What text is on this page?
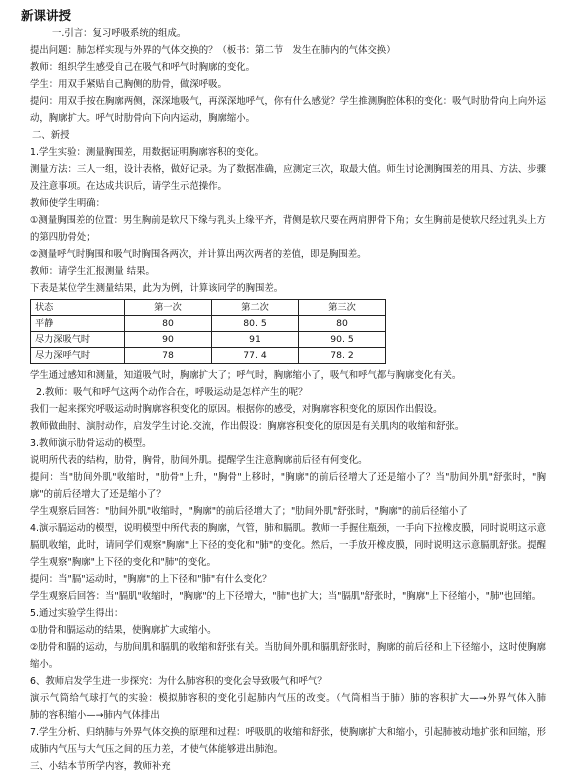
新课讲授

一.引言：复习呼吸系统的组成。

提出问题：肺怎样实现与外界的气体交换的？（板书：第二节　发生在肺内的气体交换）

教师：组织学生感受自己在吸气和呼气时胸廓的变化。

学生：用双手紧贴自己胸侧的肋骨，做深呼吸。

提问：用双手按在胸廓两侧，深深地吸气，再深深地呼气，你有什么感觉？学生推测胸腔体积的变化：吸气时肋骨向上向外运动，胸廓扩大。呼气时肋骨向下向内运动，胸廓缩小。

二、新授

1.学生实验：测量胸围差，用数据证明胸廓容积的变化。

测量方法：三人一组，设计表格，做好记录。为了数据准确，应测定三次，取最大值。师生讨论测胸围差的用具、方法、步骤及注意事项。在达成共识后，请学生示范操作。

教师使学生明确：

①测量胸围差的位置：男生胸前是软尺下缘与乳头上缘平齐，背侧是软尺要在两肩胛骨下角；女生胸前是使软尺经过乳头上方的第四肋骨处；

②测量呼气时胸围和吸气时胸围各两次，并计算出两次两者的差值，即是胸围差。

教师：请学生汇报测量 结果。

下表是某位学生测量结果，此为为例，计算该同学的胸围差。

状态	第一次	第二次	第三次
平静	80	80. 5	80
尽力深吸气时	90	91	90. 5
尽力深呼气时	78	77. 4	78. 2

学生通过感知和测量，知道吸气时，胸廓扩大了；呼气时，胸廓缩小了，吸气和呼气都与胸廓变化有关。

2.教师：吸气和呼气这两个动作合在，呼吸运动是怎样产生的呢？

我们一起来探究呼吸运动时胸廓容积变化的原因。根据你的感受，对胸廓容积变化的原因作出假设。

教师做曲肘、演肘动作，启发学生讨论.交流，作出假设：胸廓容积变化的原因是有关肌肉的收缩和舒张。

3.教师演示肋骨运动的模型。

说明所代表的结构，肋骨，胸骨，肋间外肌。提醒学生注意胸廓前后径有何变化。

提问：当"肋间外肌"收缩时，"肋骨"上升，"胸骨"上移时，"胸廓"的前后径增大了还是缩小了？当"肋间外肌"舒张时，"胸廓"的前后径增大了还是缩小了？

学生观察后回答："肋间外肌"收缩时，"胸廓"的前后径增大了；"肋间外肌"舒张时，"胸廓"的前后径缩小了

4.演示膈运动的模型，说明模型中所代表的胸廓，气管，肺和膈肌。教师一手握住瓶颈，一手向下拉橡皮膜，同时说明这示意膈肌收缩，此时，请同学们观察"胸廓"上下径的变化和"肺"的变化。然后，一手放开橡皮膜，同时说明这示意膈肌舒张。提醒学生观察"胸廓"上下径的变化和"肺"的变化。

提问：当"膈"运动时，"胸廓"的上下径和"肺"有什么变化？

学生观察后回答：当"膈肌"收缩时，"胸廓"的上下径增大，"肺"也扩大；当"膈肌"舒张时，"胸廓"上下径缩小，"肺"也回缩。

5.通过实验学生得出：

①肋骨和膈运动的结果，使胸廓扩大或缩小。

②肋骨和膈的运动，与肋间肌和膈肌的收缩和舒张有关。当肋间外肌和膈肌舒张时，胸廓的前后径和上下径缩小，这时使胸廓缩小。

6、教师启发学生进一步探究：为什么肺容积的变化会导致吸气和呼气？

演示气筒给气球打气的实验：模拟肺容积的变化引起肺内气压的改变。（气筒相当于肺）肺的容积扩大—→外界气体入肺　　肺的容积缩小—→肺内气体排出

7.学生分析、归纳肺与外界气体交换的原理和过程：呼吸肌的收缩和舒张，使胸廓扩大和缩小，引起肺被动地扩张和回缩，形成肺内气压与大气压之间的压力差，才使气体能够进出肺泡。

三、小结本节所学内容，教师补充
